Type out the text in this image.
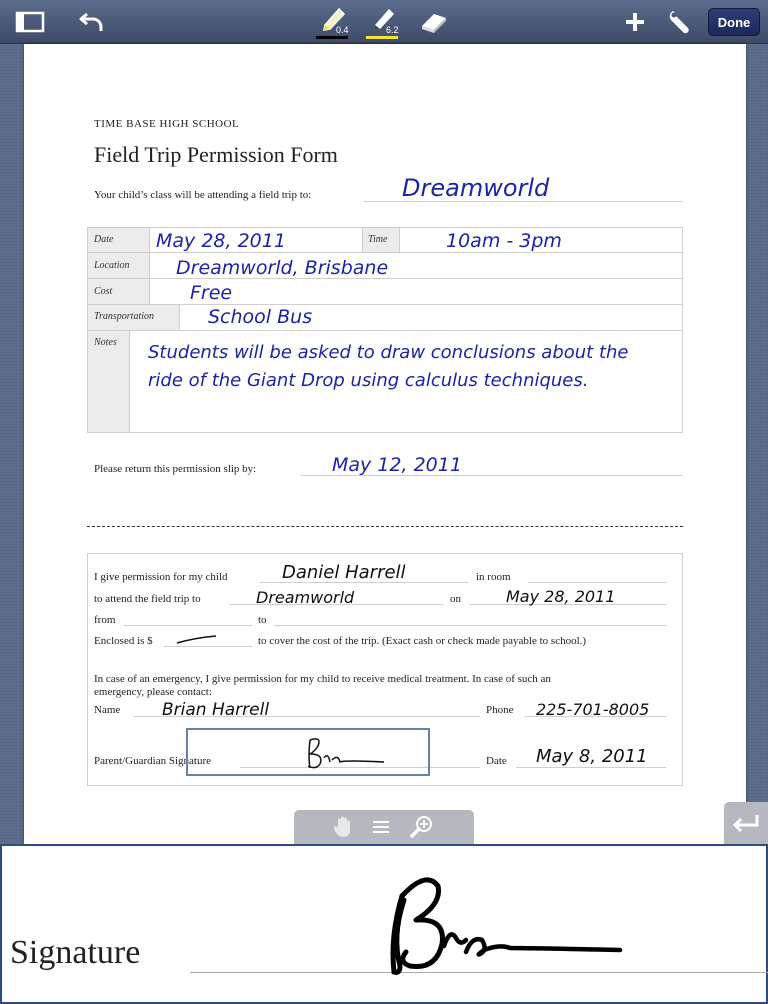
0.4	6.2
Done
TIME BASE HIGH SCHOOL
Field Trip Permission Form
Your child’s class will be attending a field trip to:	Dreamworld
Date May 28, 2011	Time	10am - 3pm
Location Dreamworld, Brisbane
Cost	Free
Transportation	School Bus
Notes Students will be asked to draw conclusions about the
ride of the Giant Drop using calculus techniques.
Please return this permission slip by:	May 12, 2011
I give permission for my child	Daniel Harrell	in room
to attend the field trip to	Dreamworld	on	May 28, 2011
from	to
Enclosed is $	to cover the cost of the trip. (Exact cash or check made payable to school.)
In case of an emergency, I give permission for my child to receive medical treatment. In case of such an
emergency, please contact:
Name Brian Harrell	Phone 225-701-8005
Parent/Guardian Signature	Date May 8, 2011
Signature
